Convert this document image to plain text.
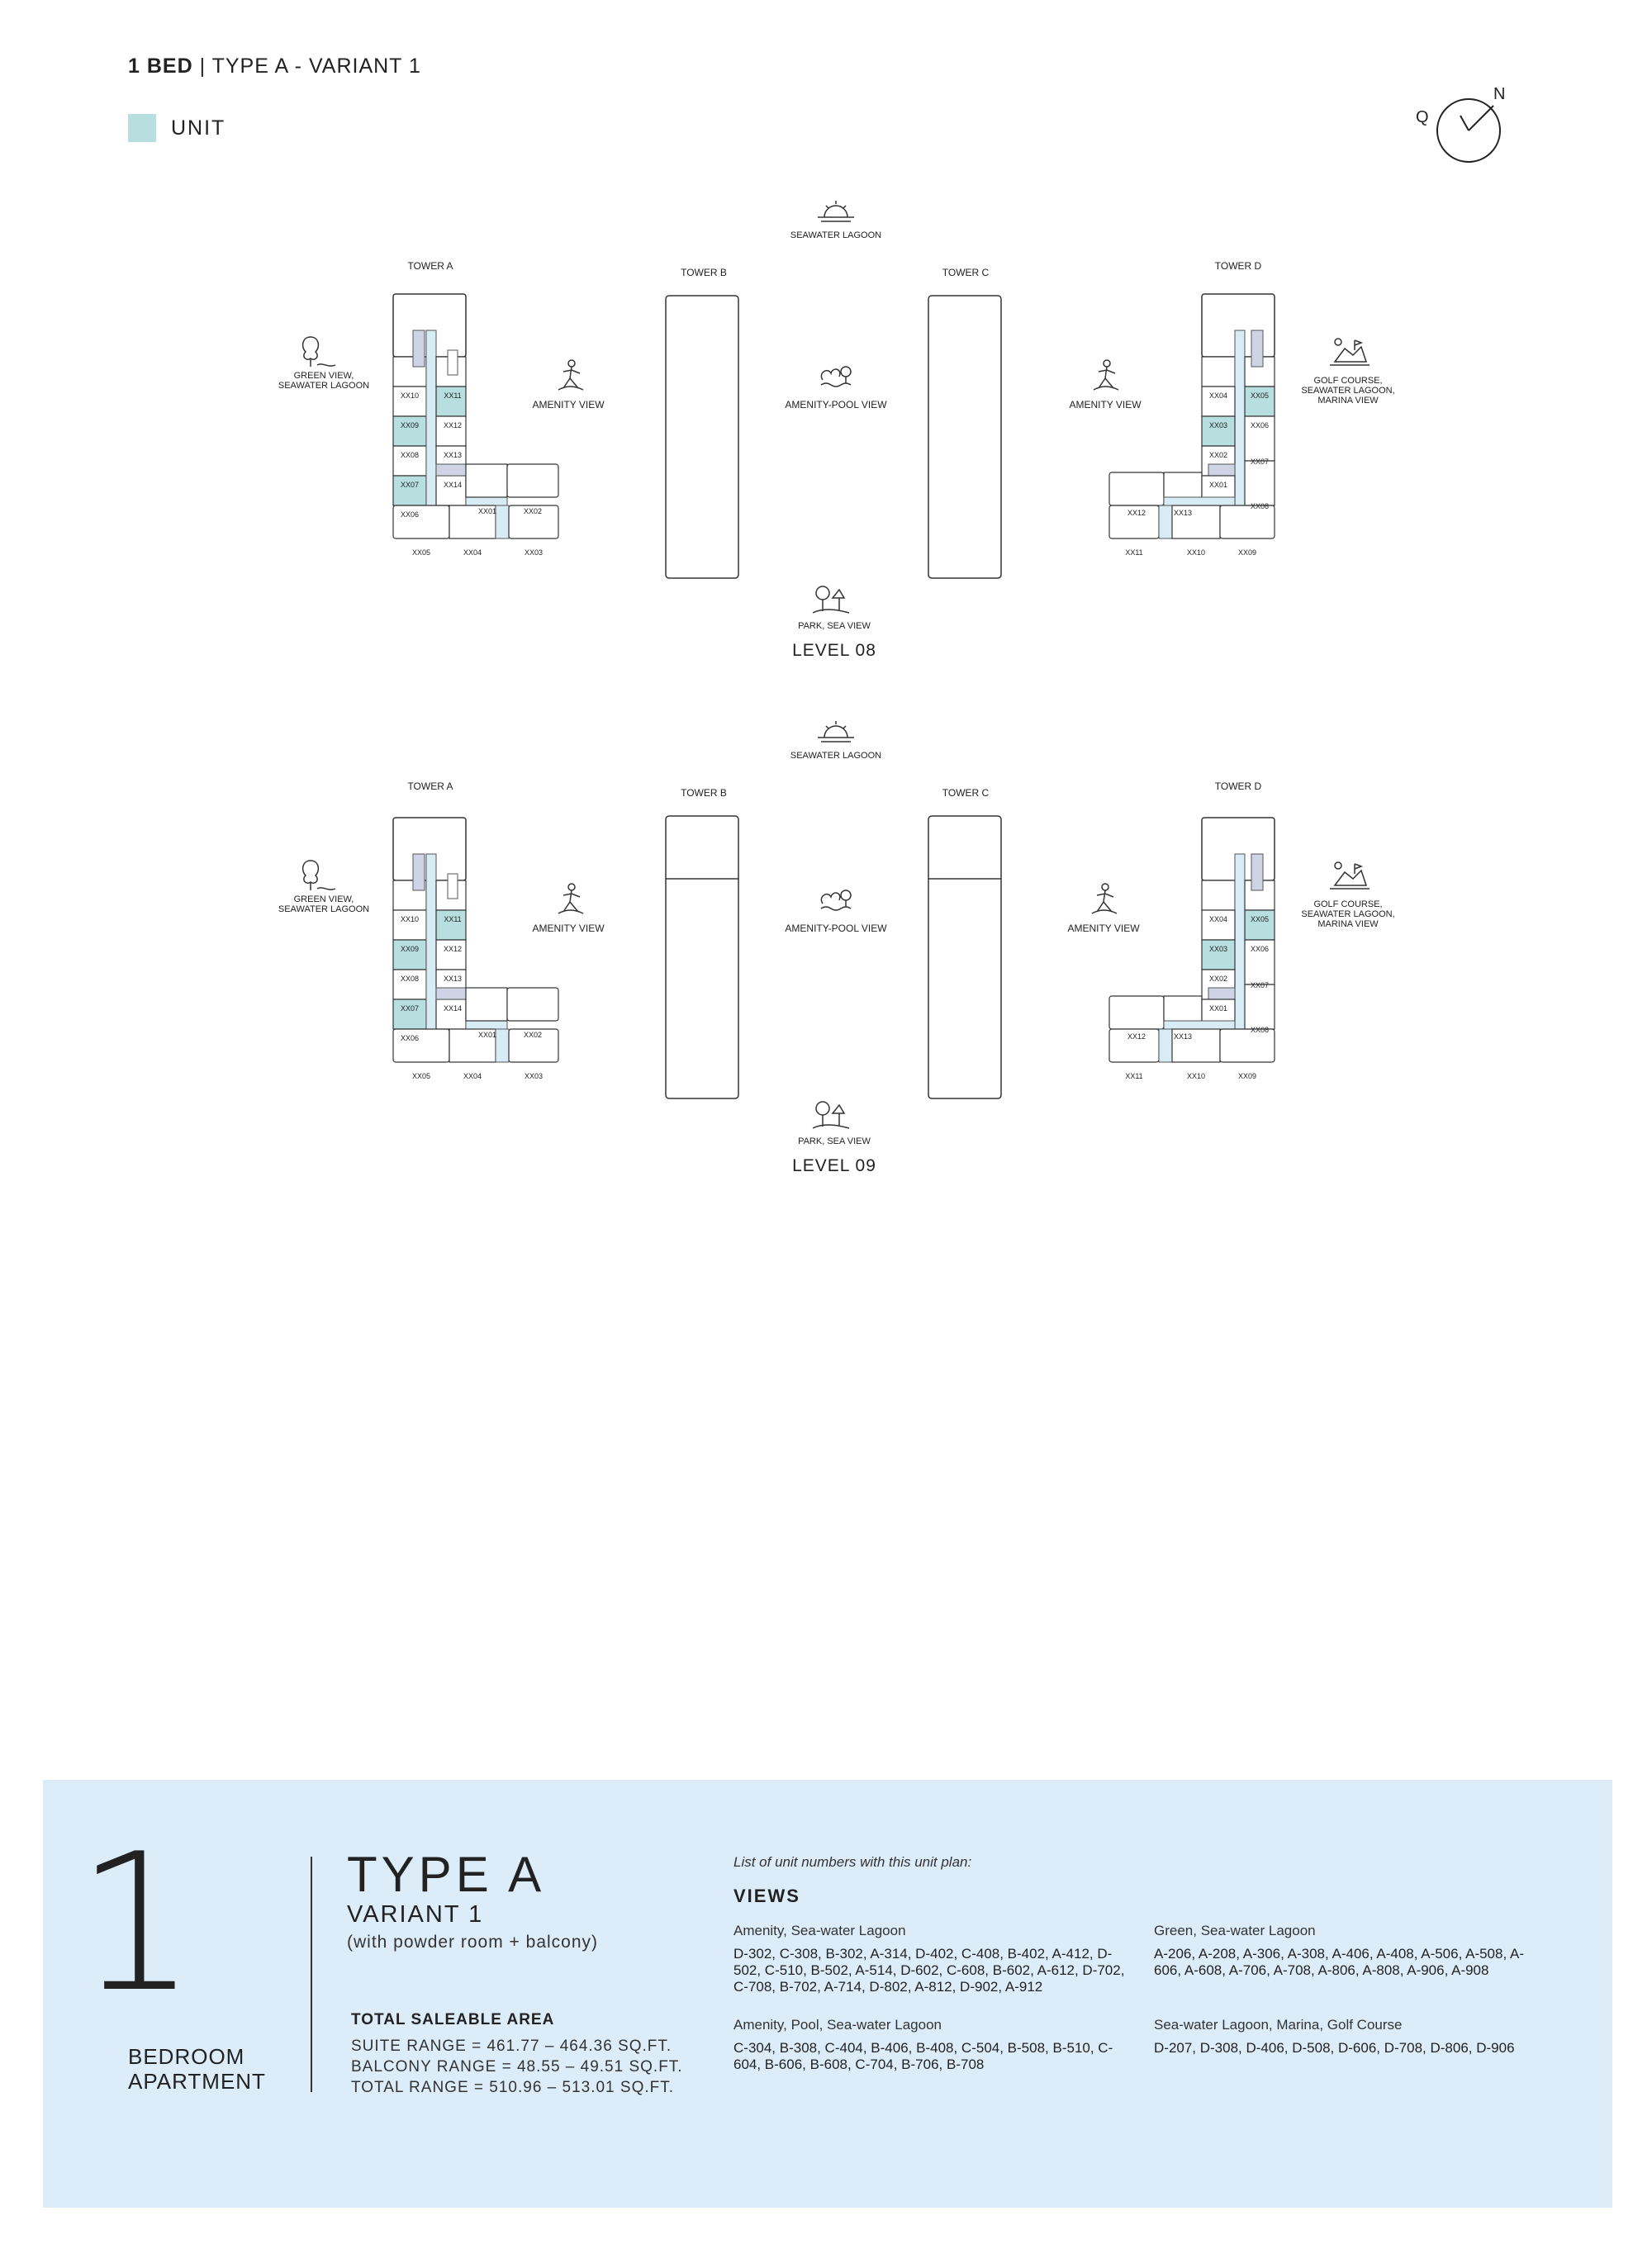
1 BED | TYPE A - VARIANT 1
UNIT	Q
N
SEAWATER LAGOON
TOWER A
TOWER B	TOWER C
TOWER D
XX10	XX11
XX09	XX12
XX08	XX13
XX07	XX14
XX06	XX01	XX02
XX05	XX04	XX03
XX04	XX05
XX03	XX06
XX02
XX07
XX01
XX08
XX12	XX13
XX11	XX10	XX09
GREEN VIEW,
SEAWATER LAGOON
AMENITY VIEW	AMENITY-POOL VIEW	AMENITY VIEW
GOLF COURSE,
SEAWATER LAGOON,
MARINA VIEW
PARK, SEA VIEW
LEVEL 08
SEAWATER LAGOON
TOWER A
TOWER B	TOWER C
TOWER D
XX10	XX11
XX09	XX12
XX08	XX13
XX07	XX14
XX06	XX01	XX02
XX05	XX04	XX03
XX04	XX05
XX03	XX06
XX02
XX07
XX01
XX08
XX12	XX13
XX11	XX10	XX09
GREEN VIEW,
SEAWATER LAGOON
AMENITY VIEW	AMENITY-POOL VIEW	AMENITY VIEW
GOLF COURSE,
SEAWATER LAGOON,
MARINA VIEW
PARK, SEA VIEW
LEVEL 09
1
BEDROOM
APARTMENT
TYPE A
VARIANT 1
(with powder room + balcony)
TOTAL SALEABLE AREA
SUITE RANGE = 461.77 – 464.36 SQ.FT.
BALCONY RANGE = 48.55 – 49.51 SQ.FT.
TOTAL RANGE = 510.96 – 513.01 SQ.FT.
List of unit numbers with this unit plan:
VIEWS
Amenity, Sea-water Lagoon
D-302, C-308, B-302, A-314, D-402, C-408, B-402, A-412, D-502, C-510, B-502, A-514, D-602, C-608, B-602, A-612, D-702, C-708, B-702, A-714, D-802, A-812, D-902, A-912
Amenity, Pool, Sea-water Lagoon
C-304, B-308, C-404, B-406, B-408, C-504, B-508, B-510, C-604, B-606, B-608, C-704, B-706, B-708
Green, Sea-water Lagoon
A-206, A-208, A-306, A-308, A-406, A-408, A-506, A-508, A-606, A-608, A-706, A-708, A-806, A-808, A-906, A-908
Sea-water Lagoon, Marina, Golf Course
D-207, D-308, D-406, D-508, D-606, D-708, D-806, D-906
